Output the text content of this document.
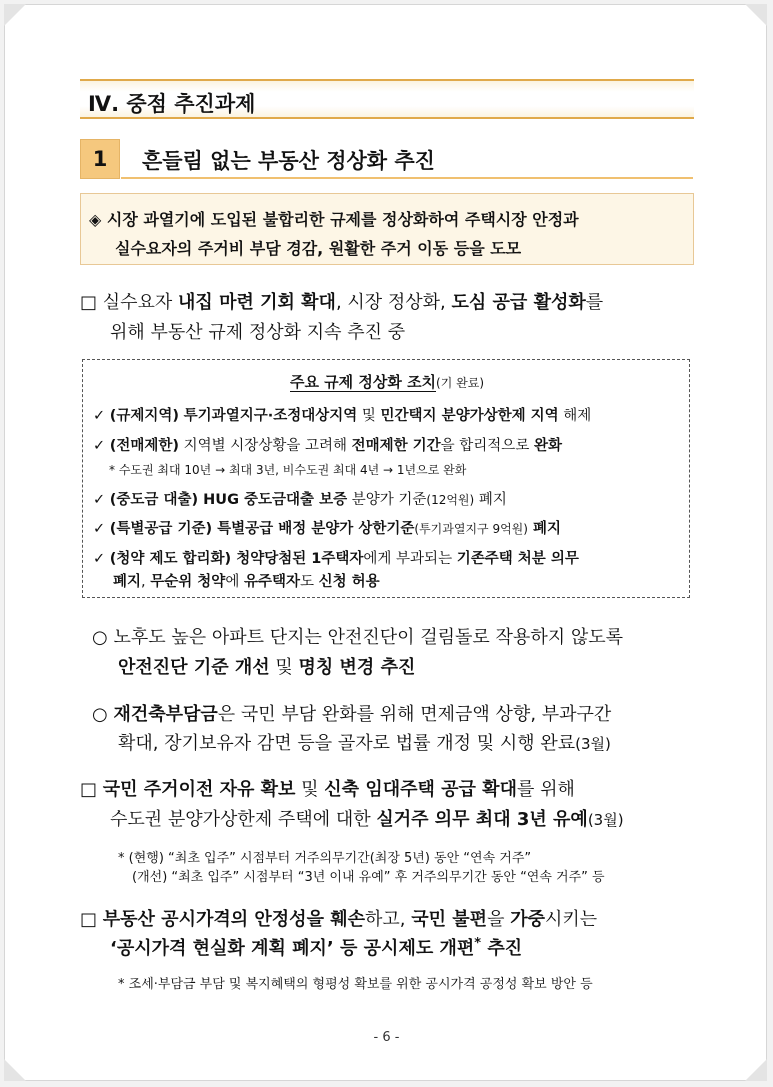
Ⅳ. 중점 추진과제
1	흔들림 없는 부동산 정상화 추진
◈ 시장 과열기에 도입된 불합리한 규제를 정상화하여 주택시장 안정과
실수요자의 주거비 부담 경감, 원활한 주거 이동 등을 도모
□ 실수요자 내집 마련 기회 확대, 시장 정상화, 도심 공급 활성화를
위해 부동산 규제 정상화 지속 추진 중
주요 규제 정상화 조치(기 완료)
✓ (규제지역) 투기과열지구·조정대상지역 및 민간택지 분양가상한제 지역 해제
✓ (전매제한) 지역별 시장상황을 고려해 전매제한 기간을 합리적으로 완화
* 수도권 최대 10년 → 최대 3년, 비수도권 최대 4년 → 1년으로 완화
✓ (중도금 대출) HUG 중도금대출 보증 분양가 기준(12억원) 폐지
✓ (특별공급 기준) 특별공급 배정 분양가 상한기준(투기과열지구 9억원) 폐지
✓ (청약 제도 합리화) 청약당첨된 1주택자에게 부과되는 기존주택 처분 의무
폐지, 무순위 청약에 유주택자도 신청 허용
○ 노후도 높은 아파트 단지는 안전진단이 걸림돌로 작용하지 않도록
안전진단 기준 개선 및 명칭 변경 추진
○ 재건축부담금은 국민 부담 완화를 위해 면제금액 상향, 부과구간
확대, 장기보유자 감면 등을 골자로 법률 개정 및 시행 완료(3월)
□ 국민 주거이전 자유 확보 및 신축 임대주택 공급 확대를 위해
수도권 분양가상한제 주택에 대한 실거주 의무 최대 3년 유예(3월)
* (현행) “최초 입주” 시점부터 거주의무기간(최장 5년) 동안 “연속 거주”
(개선) “최초 입주” 시점부터 “3년 이내 유예” 후 거주의무기간 동안 “연속 거주” 등
□ 부동산 공시가격의 안정성을 훼손하고, 국민 불편을 가중시키는
‘공시가격 현실화 계획 폐지’ 등 공시제도 개편* 추진
* 조세·부담금 부담 및 복지혜택의 형평성 확보를 위한 공시가격 공정성 확보 방안 등
- 6 -
